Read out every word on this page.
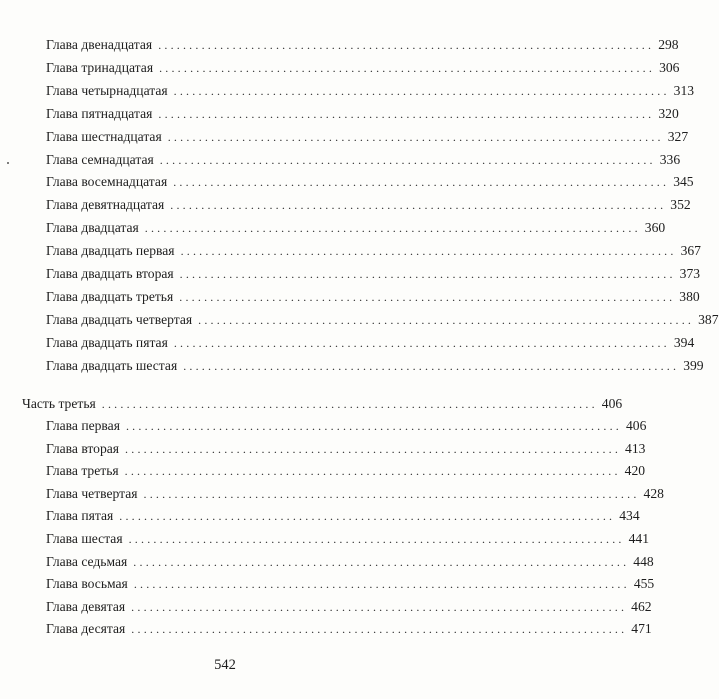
Глава двенадцатая ................................................................................ 298
Глава тринадцатая ................................................................................ 306
Глава четырнадцатая ................................................................................ 313
Глава пятнадцатая ................................................................................ 320
Глава шестнадцатая ................................................................................ 327
Глава семнадцатая ................................................................................ 336
Глава восемнадцатая ................................................................................ 345
Глава девятнадцатая ................................................................................ 352
Глава двадцатая ................................................................................ 360
Глава двадцать первая ................................................................................ 367
Глава двадцать вторая ................................................................................ 373
Глава двадцать третья ................................................................................ 380
Глава двадцать четвертая ................................................................................ 387
Глава двадцать пятая ................................................................................ 394
Глава двадцать шестая ................................................................................ 399
Часть третья ................................................................................ 406
Глава первая ................................................................................ 406
Глава вторая ................................................................................ 413
Глава третья ................................................................................ 420
Глава четвертая ................................................................................ 428
Глава пятая ................................................................................ 434
Глава шестая ................................................................................ 441
Глава седьмая ................................................................................ 448
Глава восьмая ................................................................................ 455
Глава девятая ................................................................................ 462
Глава десятая ................................................................................ 471
542
